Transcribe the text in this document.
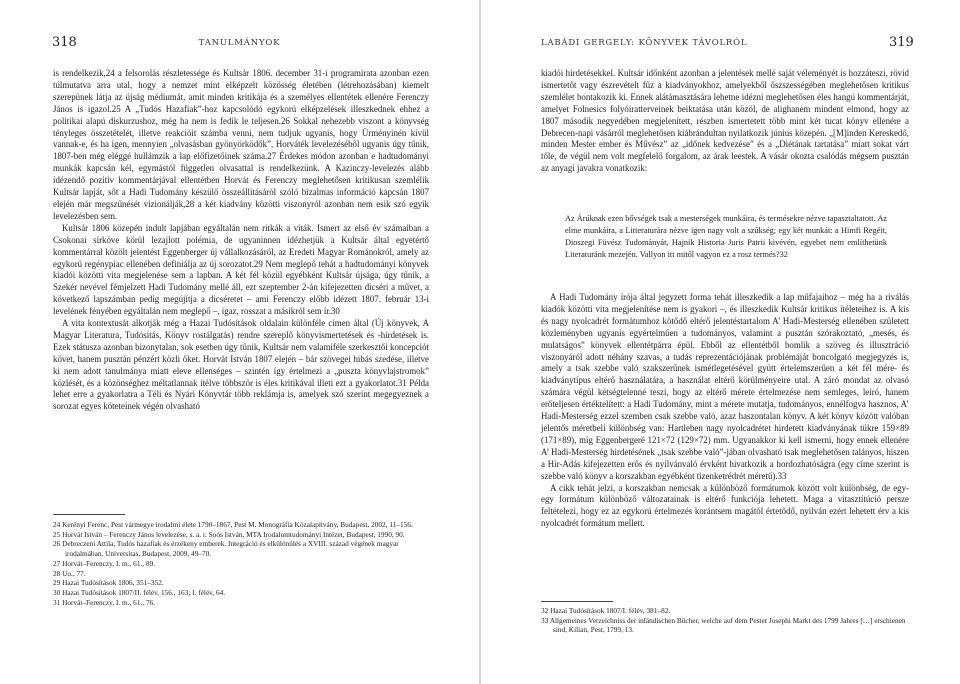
318	TANULMÁNYOK

is rendelkezik,24 a felsorolás részletessége és Kultsár 1806. december 31-i programirata azonban ezen túlmutatva arra utal, hogy a nemzet mint elképzelt közösség életében (létrehozásában) kiemelt szerepünek látja az újság médiumát, amit minden kritikája és a személyes ellentétek ellenére Ferenczy János is igazol.25 A „Tudós Hazafiak”-hoz kapcsolódó egykorú elképzelések illeszkednek ehhez a politikai alapú diskurzushoz, még ha nem is fedik le teljesen.26 Sokkal nehezebb viszont a könyvség tényleges összetételét, illetve reakcióit számba venni, nem tudjuk ugyanis, hogy Ürményinén kívül vannak-e, és ha igen, mennyien „olvasásban gyönyörködők”, Horváték levelezéséből ugyanis úgy tűnik, 1807-ben még eléggé hullámzik a lap előfizetőinek száma.27 Érdekes módon azonban e hadtudományi munkák kapcsán kél, egymástól független olvasattal is rendelkezünk. A Kazinczy-levelezés alább idézendő pozitív kommentárjával ellentétben Horvát és Ferenczy meglehetősen kritikusan szemlélik Kultsár lapját, sőt a Hadi Tudomány készülő összeállításáról szóló bizalmas információ kapcsán 1807 elején már megszűnését vizionálják,28 a két kiadvány közötti viszonyról azonban nem esik szó egyik levelezésben sem.

Kultsár 1806 közepén indult lapjában egyáltalán nem ritkák a viták. Ismert az első év számaiban a Csokonai sírköve körül lezajlott polémia, de ugyaninnen idézhetjük a Kultsár által egyetértő kommentárral közölt jelentést Eggenberger új vállalkozásáról, az Eredeti Magyar Románokról, amely az egykorú regénypiac ellenében definiálja az új sorozatot.29 Nem meglepő tehát a hadtudományi könyvek kiadói közötti vita megjelenése sem a lapban. A két fél közül egyébként Kultsár újsága, úgy tűnik, a Szekér nevével fémjelzett Hadi Tudomány mellé áll, ezt szeptember 2-án kifejezetten dicséri a művet, a következő lapszámban pedig megújítja a dicséretet – ami Ferenczy előbb idézett 1807. február 13-i levelének fényében egyáltalán nem meglepő –, igaz, rosszat a másikról sem ír.30

A vita kontextusát alkotják még a Hazai Tudósítások oldalain különféle címen által (Új könyvek, A Magyar Literatura, Tudósítás, Könyv rostálgatás) rendre szereplő könyvismertetések és -hirdetések is. Ezek státusza azonban bizonytalan, sok esetben úgy tűnik, Kultsár nem valamiféle szerkesztői koncepciót követ, hanem pusztán pénzért közli őket. Horvát István 1807 elején – bár szövegei hibás szedése, illetve ki nem adott tanulmánya miatt eleve ellenséges – szintén így értelmezi a „puszta könyvlajstromok” közlését, és a közönséghez méltatlannak ítélve többször is éles kritikával illeti ezt a gyakorlatot.31 Példa lehet erre a gyakorlatra a Téli és Nyári Könyvtár több reklámja is, amelyek szó szerint megegyeznek a sorozat egyes köteteinek végén olvasható

24 Kerényi Ferenc, Pest vármegye irodalmi élete 1790–1867, Pest M. Monográfia Közalapítvány, Budapest, 2002, 11–156.
25 Horvát István – Ferenczy János levelezése, s. a. r. Soós István, MTA Irodalomtudományi Intézet, Budapest, 1990, 90.
26 Debreczeni Attila, Tudós hazafiak és érzékeny emberek. Integráció és elkülönülés a XVIII. század végének magyar irodalmában, Universitas, Budapest, 2009, 49–70.
27 Horvát–Ferenczy, I. m., 61., 89.
28 Uo., 77.
29 Hazai Tudósítások 1806, 351–352.
30 Hazai Tudósítások 1807/II. félév, 156., 163; I. félév, 64.
31 Horvát–Ferenczy, I. m., 61., 76.
LABÁDI GERGELY: KÖNYVEK TÁVOLRÓL	319

kiadói hirdetésekkel. Kultsár időnként azonban a jelentések mellé saját véleményét is hozzáteszi, rövid ismertetőt vagy észrevételt fűz a kiadványokhoz, amelyekből őszszességében meglehetősen kritikus szemlélet bontakozik ki. Ennek alátámasztására lehetne idézni meglehetősen éles hangú kommentárját, amelyet Folnesics folyóiratterveinek beiktatása után közöl, de alighanem mindent elmond, hogy az 1807 második negyedében megjelenített, részben ismertetett több mint két tucat könyv ellenére a Debrecen-napi vásárról meglehetősen kiábrándultan nyilatkozik június közepén. „[M]inden Kereskedő, minden Mester ember és Művész” az „időnek kedvezése” és a „Diétának tartatása” miatt sokat várt tőle, de végül nem volt megfelelő forgalom, az árak leestek. A vásár okozta csalódás mégsem pusztán az anyagi javakra vonatkozik:

Az Árúknak ezen bővségek tsak a mesterségek munkáira, és termésekre nézve tapasztaltatott. Az elme munkáira, a Litteraturára nézve igen nagy volt a szűkség; egy két munkát: a Himfi Regéit, Dioszegi Füvész Tudományát, Hajnik Historia Juris Patrii kivévén, egyebet nem említhetünk Literaturánk mezején. Vallyon itt mitől vagyon ez a rosz termés?32

A Hadi Tudomány írója által jegyzett forma tehát illeszkedik a lap műfajaihoz – még ha a riválás kiadók közötti vita megjelenítése nem is gyakori –, és illeszkedik Kultsár kritikus ítéleteihez is. A kis és nagy nyolcadrét formátumhoz kötődő eltérő jelentéstartalom A’ Hadi-Mesterség ellenében született közleményben ugyanis egyértelműen a tudományos, valamint a pusztán szórakoztató, „mesés, és mulatságos” könyvek ellentétpárra épül. Ebből az ellentétből bomlik a szöveg és illusztráció viszonyáról adott néhány szavas, a tudás reprezentációjának problémáját boncolgató megjegyzés is, amely a tsak szebbe való szakszerűnek ismétlegetésével gyütt értelemszerűen a két fél mére- és kiadványtípus eltérő használatára, a használat eltérő körülményeire utal. A záró mondat az olvasó számára végül kétségtelenné teszi, hogy az eltérő mérete értelmezése nem semleges, leíró, hanem erőteljesen értéktelített: a Hadi Tudomány, mint a mérete mutatja, tudományos, ennélfogva hasznos, A’ Hadi-Mesterség ezzel szemben csak szebbe való, azaz haszontalan könyv. A két könyv között valóban jelentős méretbeli különbség van: Hartleben nagy nyolcadrétet hirdetett kiadványának tükre 159×89 (171×89), míg Eggenbergeré 121×72 (129×72) mm. Ugyanakkor ki kell ismerni, hogy ennek ellenére A’ Hadi-Mesterség hirdetésének „tsak szebbe való”-jában olvasható tsak meglehetősen talányos, hiszen a Hír-Adás kifejezetten erős és nyilvánvaló érvként hivatkozik a hordozhatóságra (egy címe szerint is szebbe való könyv a korszakban egyébként tizenketrédrét méretű).33

A cikk tehát jelzi, a korszakban nemcsak a különböző formátumok között volt különbség, de egy-egy formátum különböző változatainak is eltérő funkciója lehetett. Maga a vitasztítúció persze feltételezi, hogy ez az egykorú értelmezés korántsem magától értetődő, nyilván ezért lehetett érv a kis nyolcadrét formátum mellett.

32 Hazai Tudósítások 1807/I. félév, 381–82.
33 Allgemeines Verzeichniss der inländischen Bücher, welche auf dem Pester Josephi Markt des 1799 Jahres […] erschienen sind, Kilian, Pest, 1799, 13.
